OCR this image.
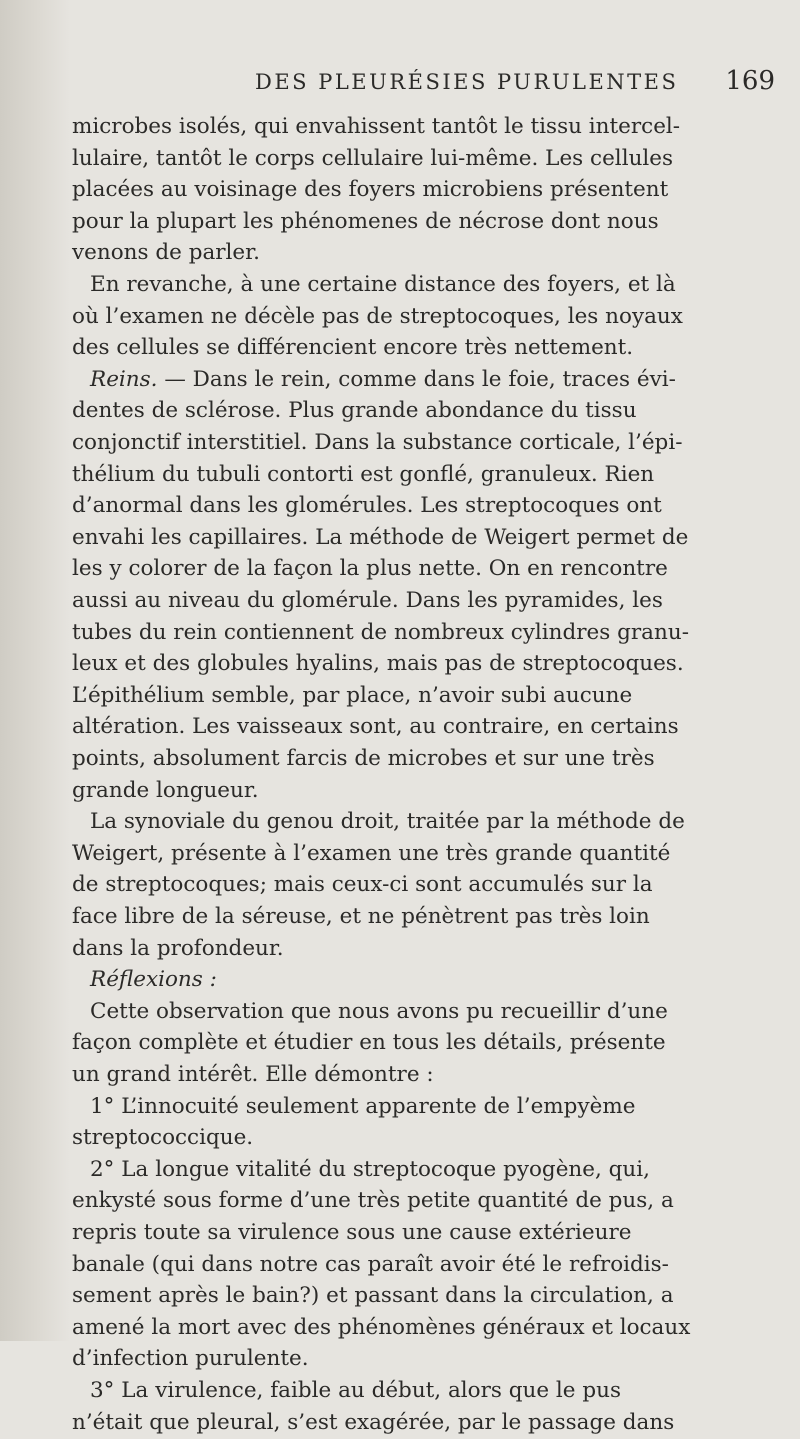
DES PLEURÉSIES PURULENTES 169
microbes isolés, qui envahissent tantôt le tissu intercel-
lulaire, tantôt le corps cellulaire lui-même. Les cellules
placées au voisinage des foyers microbiens présentent
pour la plupart les phénomenes de nécrose dont nous
venons de parler.
En revanche, à une certaine distance des foyers, et là
où l’examen ne décèle pas de streptocoques, les noyaux
des cellules se différencient encore très nettement.
Reins. — Dans le rein, comme dans le foie, traces évi-
dentes de sclérose. Plus grande abondance du tissu
conjonctif interstitiel. Dans la substance corticale, l’épi-
thélium du tubuli contorti est gonflé, granuleux. Rien
d’anormal dans les glomérules. Les streptocoques ont
envahi les capillaires. La méthode de Weigert permet de
les y colorer de la façon la plus nette. On en rencontre
aussi au niveau du glomérule. Dans les pyramides, les
tubes du rein contiennent de nombreux cylindres granu-
leux et des globules hyalins, mais pas de streptocoques.
L’épithélium semble, par place, n’avoir subi aucune
altération. Les vaisseaux sont, au contraire, en certains
points, absolument farcis de microbes et sur une très
grande longueur.
La synoviale du genou droit, traitée par la méthode de
Weigert, présente à l’examen une très grande quantité
de streptocoques; mais ceux-ci sont accumulés sur la
face libre de la séreuse, et ne pénètrent pas très loin
dans la profondeur.
Réflexions :
Cette observation que nous avons pu recueillir d’une
façon complète et étudier en tous les détails, présente
un grand intérêt. Elle démontre :
1° L’innocuité seulement apparente de l’empyème
streptococcique.
2° La longue vitalité du streptocoque pyogène, qui,
enkysté sous forme d’une très petite quantité de pus, a
repris toute sa virulence sous une cause extérieure
banale (qui dans notre cas paraît avoir été le refroidis-
sement après le bain?) et passant dans la circulation, a
amené la mort avec des phénomènes généraux et locaux
d’infection purulente.
3° La virulence, faible au début, alors que le pus
n’était que pleural, s’est exagérée, par le passage dans
